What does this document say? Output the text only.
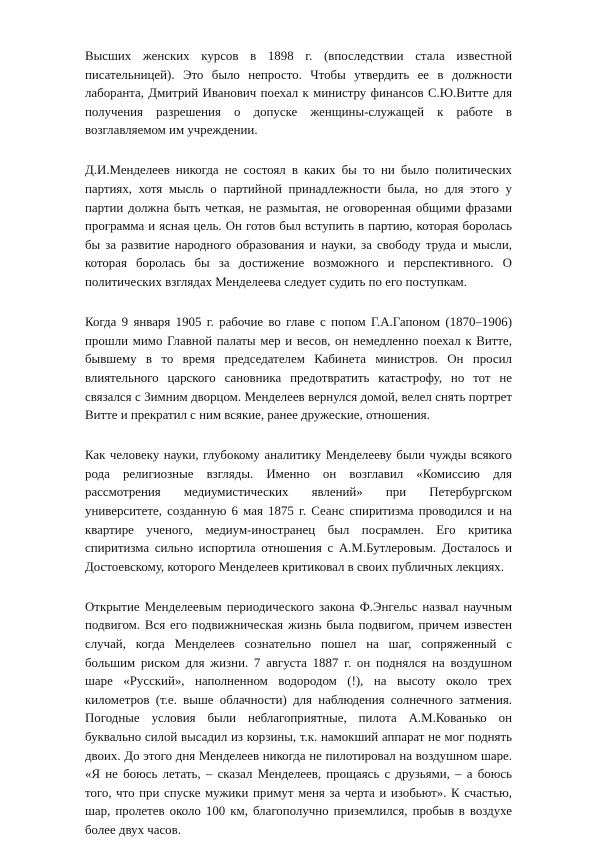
Высших женских курсов в 1898 г. (впоследствии стала известной писательницей). Это было непросто. Чтобы утвердить ее в должности лаборанта, Дмитрий Иванович поехал к министру финансов С.Ю.Витте для получения разрешения о допуске женщины-служащей к работе в возглавляемом им учреждении.

Д.И.Менделеев никогда не состоял в каких бы то ни было политических партиях, хотя мысль о партийной принадлежности была, но для этого у партии должна быть четкая, не размытая, не оговоренная общими фразами программа и ясная цель. Он готов был вступить в партию, которая боролась бы за развитие народного образования и науки, за свободу труда и мысли, которая боролась бы за достижение возможного и перспективного. О политических взглядах Менделеева следует судить по его поступкам.

Когда 9 января 1905 г. рабочие во главе с попом Г.А.Гапоном (1870–1906) прошли мимо Главной палаты мер и весов, он немедленно поехал к Витте, бывшему в то время председателем Кабинета министров. Он просил влиятельного царского сановника предотвратить катастрофу, но тот не связался с Зимним дворцом. Менделеев вернулся домой, велел снять портрет Витте и прекратил с ним всякие, ранее дружеские, отношения.

Как человеку науки, глубокому аналитику Менделееву были чужды всякого рода религиозные взгляды. Именно он возглавил «Комиссию для рассмотрения медиумистических явлений» при Петербургском университете, созданную 6 мая 1875 г. Сеанс спиритизма проводился и на квартире ученого, медиум-иностранец был посрамлен. Его критика спиритизма сильно испортила отношения с А.М.Бутлеровым. Досталось и Достоевскому, которого Менделеев критиковал в своих публичных лекциях.

Открытие Менделеевым периодического закона Ф.Энгельс назвал научным подвигом. Вся его подвижническая жизнь была подвигом, причем известен случай, когда Менделеев сознательно пошел на шаг, сопряженный с большим риском для жизни. 7 августа 1887 г. он поднялся на воздушном шаре «Русский», наполненном водородом (!), на высоту около трех километров (т.е. выше облачности) для наблюдения солнечного затмения. Погодные условия были неблагоприятные, пилота А.М.Кованько он буквально силой высадил из корзины, т.к. намокший аппарат не мог поднять двоих. До этого дня Менделеев никогда не пилотировал на воздушном шаре. «Я не боюсь летать, – сказал Менделеев, прощаясь с друзьями, – а боюсь того, что при спуске мужики примут меня за черта и изобьют». К счастью, шар, пролетев около 100 км, благополучно приземлился, пробыв в воздухе более двух часов.
